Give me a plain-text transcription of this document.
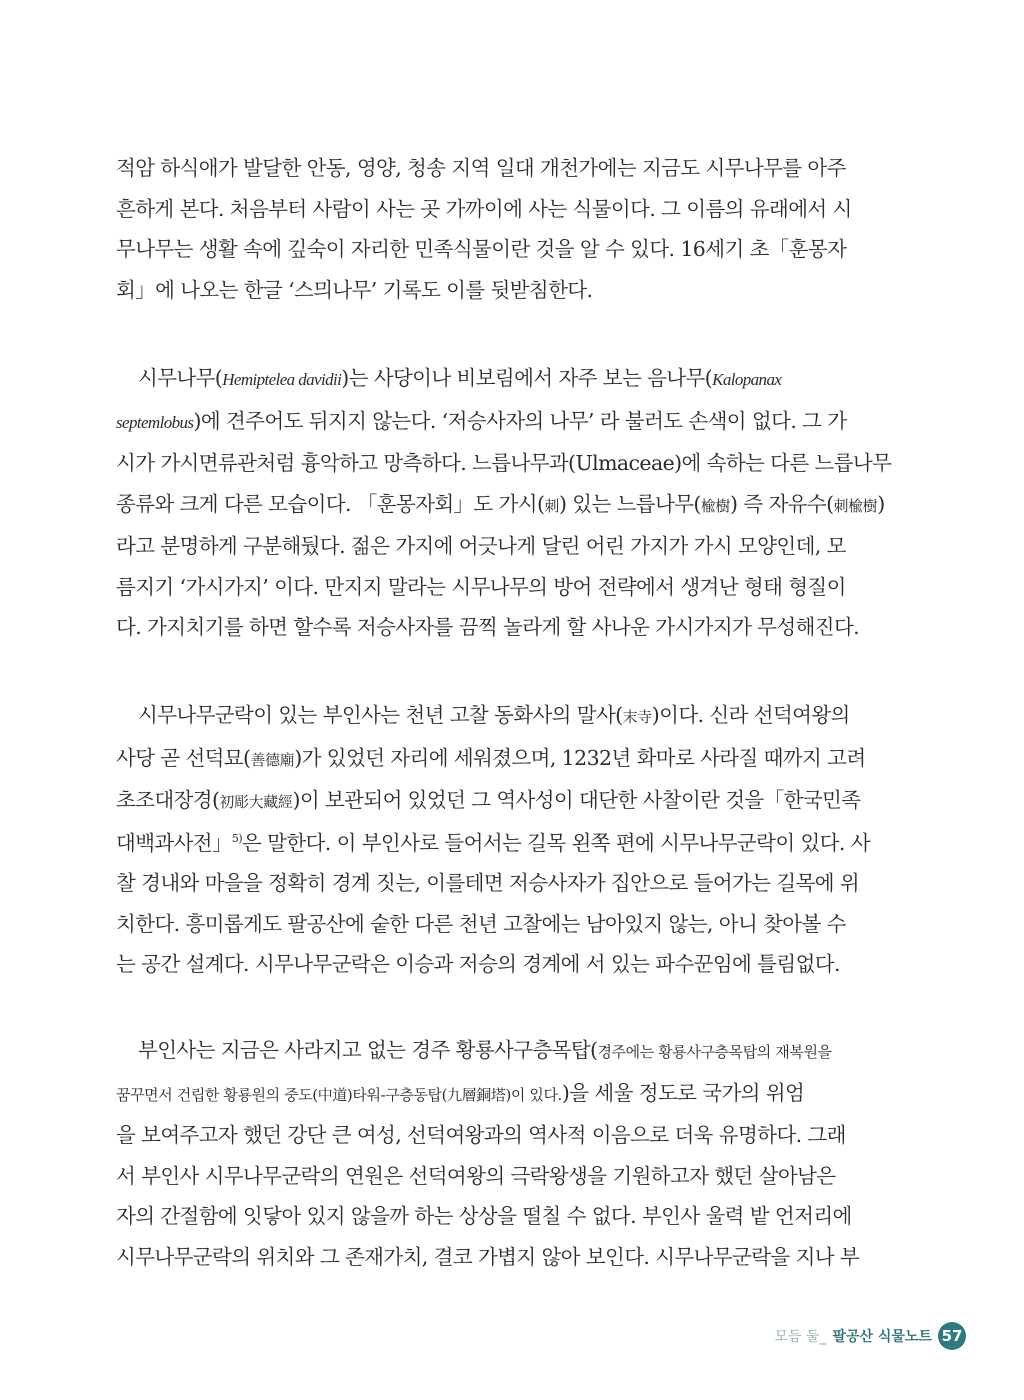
적암 하식애가 발달한 안동, 영양, 청송 지역 일대 개천가에는 지금도 시무나무를 아주
흔하게 본다. 처음부터 사람이 사는 곳 가까이에 사는 식물이다. 그 이름의 유래에서 시
무나무는 생활 속에 깊숙이 자리한 민족식물이란 것을 알 수 있다. 16세기 초「훈몽자
회」에 나오는 한글 ‘스믜나무’ 기록도 이를 뒷받침한다.
시무나무(Hemiptelea davidii)는 사당이나 비보림에서 자주 보는 음나무(Kalopanax
septemlobus)에 견주어도 뒤지지 않는다. ‘저승사자의 나무’ 라 불러도 손색이 없다. 그 가
시가 가시면류관처럼 흉악하고 망측하다. 느릅나무과(Ulmaceae)에 속하는 다른 느릅나무
종류와 크게 다른 모습이다. 「훈몽자회」도 가시(刺) 있는 느릅나무(楡樹) 즉 자유수(刺楡樹)
라고 분명하게 구분해뒀다. 젊은 가지에 어긋나게 달린 어린 가지가 가시 모양인데, 모
름지기 ‘가시가지’ 이다. 만지지 말라는 시무나무의 방어 전략에서 생겨난 형태 형질이
다. 가지치기를 하면 할수록 저승사자를 끔찍 놀라게 할 사나운 가시가지가 무성해진다.
시무나무군락이 있는 부인사는 천년 고찰 동화사의 말사(末寺)이다. 신라 선덕여왕의
사당 곧 선덕묘(善德廟)가 있었던 자리에 세워졌으며, 1232년 화마로 사라질 때까지 고려
초조대장경(初彫大藏經)이 보관되어 있었던 그 역사성이 대단한 사찰이란 것을「한국민족
대백과사전」$^{5)}$은 말한다. 이 부인사로 들어서는 길목 왼쪽 편에 시무나무군락이 있다. 사
찰 경내와 마을을 정확히 경계 짓는, 이를테면 저승사자가 집안으로 들어가는 길목에 위
치한다. 흥미롭게도 팔공산에 숱한 다른 천년 고찰에는 남아있지 않는, 아니 찾아볼 수
는 공간 설계다. 시무나무군락은 이승과 저승의 경계에 서 있는 파수꾼임에 틀림없다.
부인사는 지금은 사라지고 없는 경주 황룡사구층목탑(경주에는 황룡사구층목탑의 재복원을
꿈꾸면서 건립한 황룡원의 중도(中道)타워-구층동탑(九層銅塔)이 있다.)을 세울 정도로 국가의 위엄
을 보여주고자 했던 강단 큰 여성, 선덕여왕과의 역사적 이음으로 더욱 유명하다. 그래
서 부인사 시무나무군락의 연원은 선덕여왕의 극락왕생을 기원하고자 했던 살아남은
자의 간절함에 잇닿아 있지 않을까 하는 상상을 떨칠 수 없다. 부인사 울력 밭 언저리에
시무나무군락의 위치와 그 존재가치, 결코 가볍지 않아 보인다. 시무나무군락을 지나 부
모듬 둘_ 팔공산 식물노트 57
